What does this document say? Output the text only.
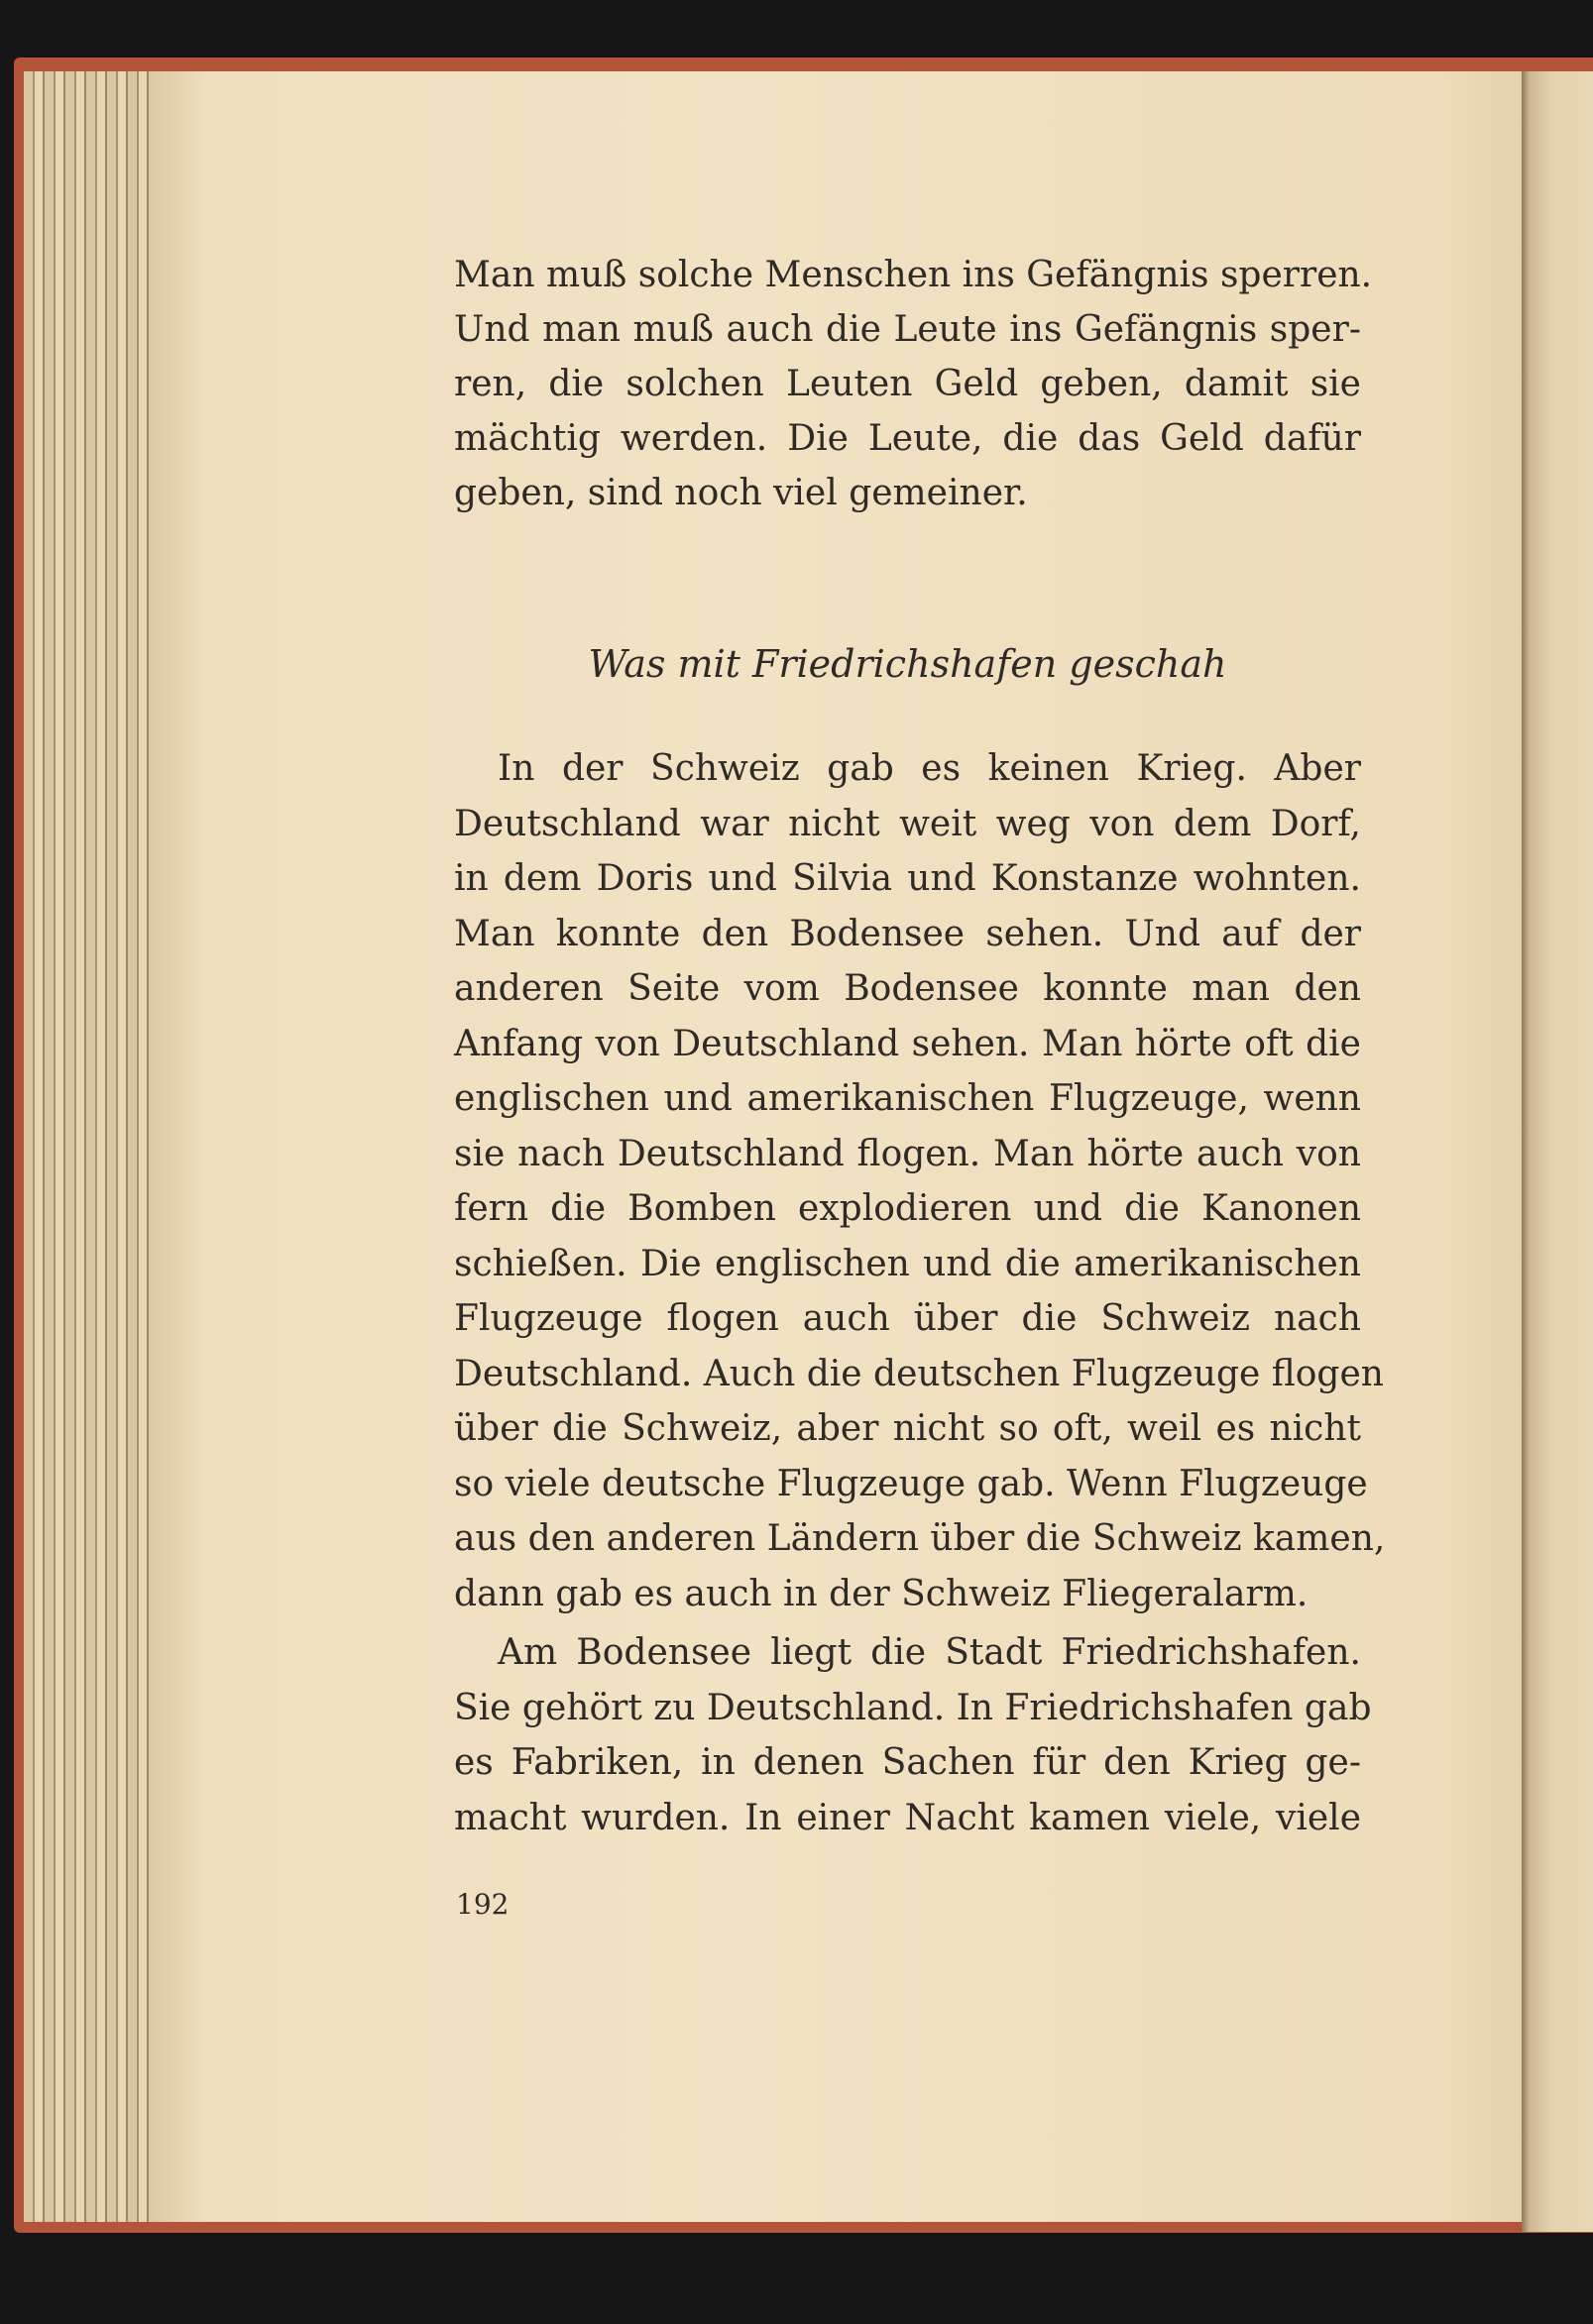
Man muß solche Menschen ins Gefängnis sperren.
Und man muß auch die Leute ins Gefängnis sper-
ren, die solchen Leuten Geld geben, damit sie
mächtig werden. Die Leute, die das Geld dafür
geben, sind noch viel gemeiner.
Was mit Friedrichshafen geschah
In der Schweiz gab es keinen Krieg. Aber
Deutschland war nicht weit weg von dem Dorf,
in dem Doris und Silvia und Konstanze wohnten.
Man konnte den Bodensee sehen. Und auf der
anderen Seite vom Bodensee konnte man den
Anfang von Deutschland sehen. Man hörte oft die
englischen und amerikanischen Flugzeuge, wenn
sie nach Deutschland flogen. Man hörte auch von
fern die Bomben explodieren und die Kanonen
schießen. Die englischen und die amerikanischen
Flugzeuge flogen auch über die Schweiz nach
Deutschland. Auch die deutschen Flugzeuge flogen
über die Schweiz, aber nicht so oft, weil es nicht
so viele deutsche Flugzeuge gab. Wenn Flugzeuge
aus den anderen Ländern über die Schweiz kamen,
dann gab es auch in der Schweiz Fliegeralarm.
Am Bodensee liegt die Stadt Friedrichshafen.
Sie gehört zu Deutschland. In Friedrichshafen gab
es Fabriken, in denen Sachen für den Krieg ge-
macht wurden. In einer Nacht kamen viele, viele
192
